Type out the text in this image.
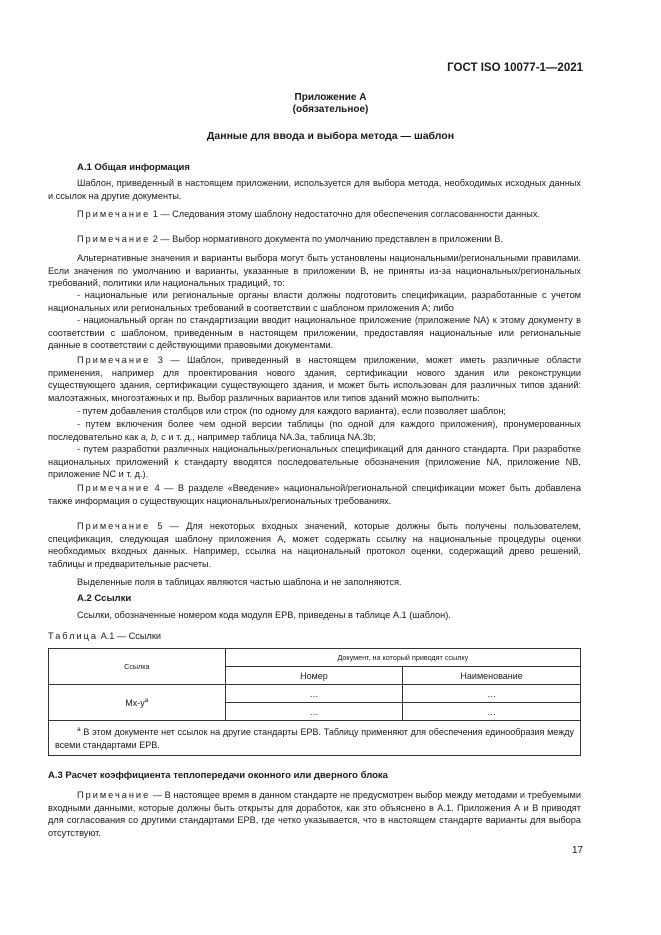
ГОСТ ISO 10077-1—2021
Приложение А
(обязательное)
Данные для ввода и выбора метода — шаблон
А.1 Общая информация
Шаблон, приведенный в настоящем приложении, используется для выбора метода, необходимых исходных данных и ссылок на другие документы.
Примечание 1 — Следования этому шаблону недостаточно для обеспечения согласованности данных.
Примечание 2 — Выбор нормативного документа по умолчанию представлен в приложении В.
Альтернативные значения и варианты выбора могут быть установлены национальными/региональными правилами. Если значения по умолчанию и варианты, указанные в приложении В, не приняты из-за национальных/региональных требований, политики или национальных традиций, то:
- национальные или региональные органы власти должны подготовить спецификации, разработанные с учетом национальных или региональных требований в соответствии с шаблоном приложения А; либо
- национальный орган по стандартизации вводит национальное приложение (приложение NA) к этому документу в соответствии с шаблоном, приведенным в настоящем приложении, предоставляя национальные или региональные данные в соответствии с действующими правовыми документами.
Примечание 3 — Шаблон, приведенный в настоящем приложении, может иметь различные области применения, например для проектирования нового здания, сертификации нового здания или реконструкции существующего здания, сертификации существующего здания, и может быть использован для различных типов зданий: малоэтажных, многоэтажных и пр. Выбор различных вариантов или типов зданий можно выполнить:
- путем добавления столбцов или строк (по одному для каждого варианта), если позволяет шаблон;
- путем включения более чем одной версии таблицы (по одной для каждого приложения), пронумерованных последовательно как а, b, с и т. д., например таблица NA.3a, таблица NA.3b;
- путем разработки различных национальных/региональных спецификаций для данного стандарта. При разработке национальных приложений к стандарту вводятся последовательные обозначения (приложение NA, приложение NB, приложение NC и т. д.).
Примечание 4 — В разделе «Введение» национальной/региональной спецификации может быть добавлена также информация о существующих национальных/региональных требованиях.
Примечание 5 — Для некоторых входных значений, которые должны быть получены пользователем, спецификация, следующая шаблону приложения А, может содержать ссылку на национальные процедуры оценки необходимых входных данных. Например, ссылка на национальный протокол оценки, содержащий древо решений, таблицы и предварительные расчеты.
Выделенные поля в таблицах являются частью шаблона и не заполняются.
А.2 Ссылки
Ссылки, обозначенные номером кода модуля ЕРВ, приведены в таблице А.1 (шаблон).
Таблица А.1 — Ссылки
Ссылка	Документ, на который приводят ссылку	
	Номер	Наименование
$Mx-y^a$	…	…
	…	…
$^a$ В этом документе нет ссылок на другие стандарты ЕРВ. Таблицу применяют для обеспечения единообразия между всеми стандартами ЕРВ.		
А.3 Расчет коэффициента теплопередачи оконного или дверного блока
Примечание — В настоящее время в данном стандарте не предусмотрен выбор между методами и требуемыми входными данными, которые должны быть открыты для доработок, как это объяснено в А.1. Приложения А и В приводят для согласования со другими стандартами ЕРВ, где четко указывается, что в настоящем стандарте варианты для выбора отсутствуют.
17
